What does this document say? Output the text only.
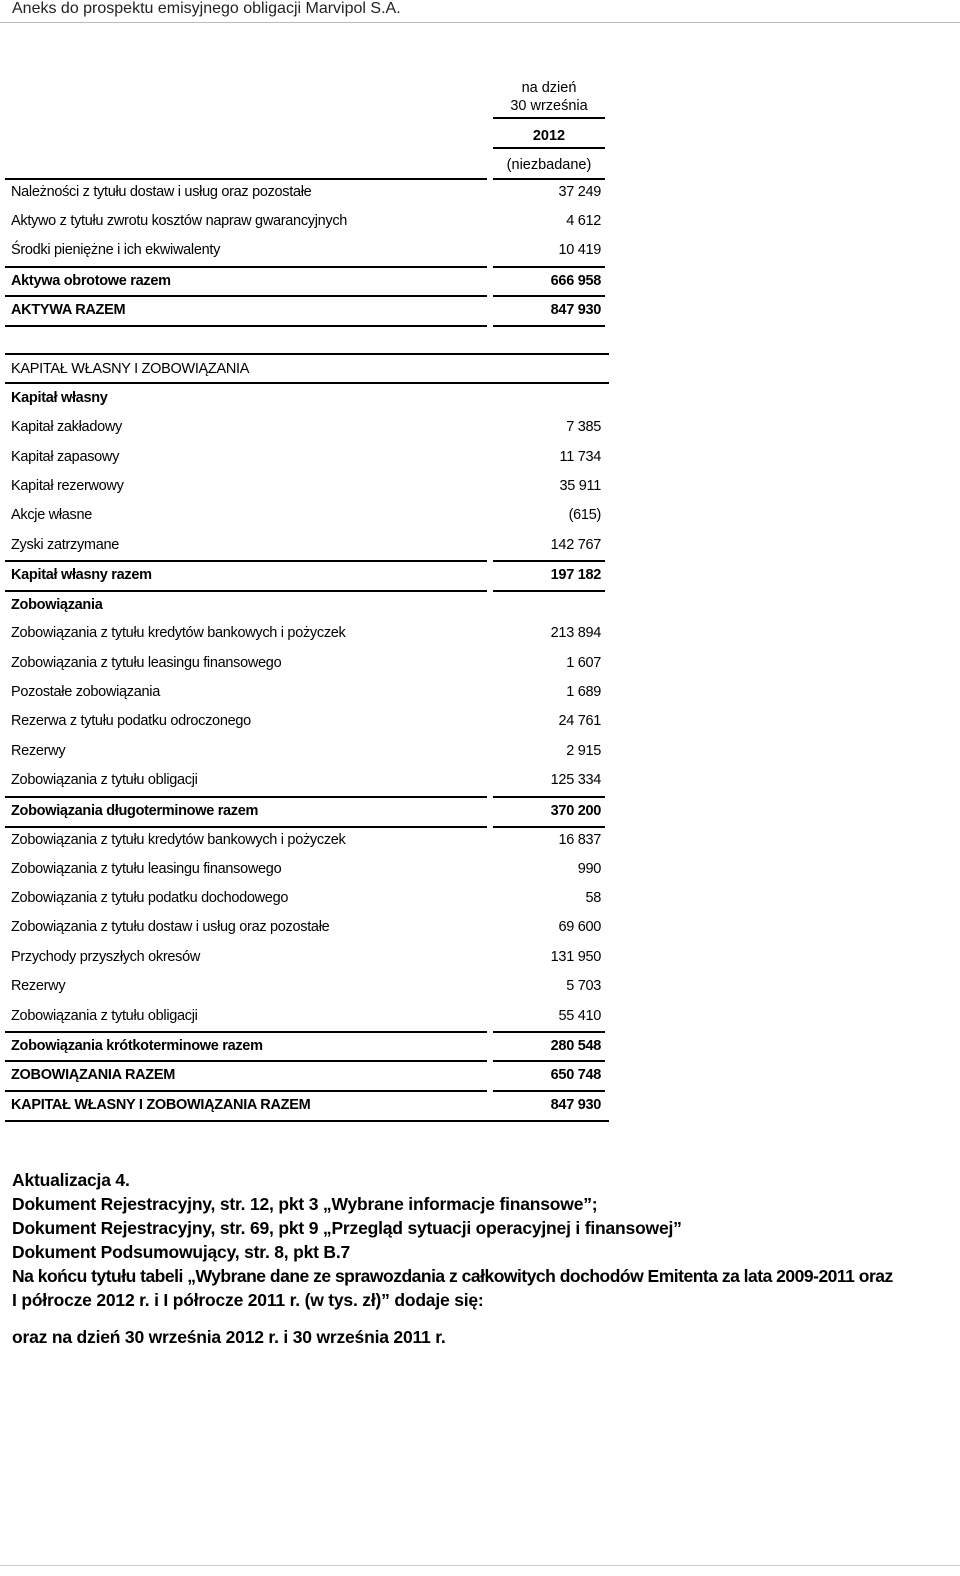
Aneks do prospektu emisyjnego obligacji Marvipol S.A.
na dzień
30 września
2012
(niezbadane)
Należności z tytułu dostaw i usług oraz pozostałe	37 249
Aktywo z tytułu zwrotu kosztów napraw gwarancyjnych	4 612
Środki pieniężne i ich ekwiwalenty	10 419
Aktywa obrotowe razem	666 958
AKTYWA RAZEM	847 930
KAPITAŁ WŁASNY I ZOBOWIĄZANIA
Kapitał własny
Kapitał zakładowy	7 385
Kapitał zapasowy	11 734
Kapitał rezerwowy	35 911
Akcje własne	(615)
Zyski zatrzymane	142 767
Kapitał własny razem	197 182
Zobowiązania
Zobowiązania z tytułu kredytów bankowych i pożyczek	213 894
Zobowiązania z tytułu leasingu finansowego	1 607
Pozostałe zobowiązania	1 689
Rezerwa z tytułu podatku odroczonego	24 761
Rezerwy	2 915
Zobowiązania z tytułu obligacji	125 334
Zobowiązania długoterminowe razem	370 200
Zobowiązania z tytułu kredytów bankowych i pożyczek	16 837
Zobowiązania z tytułu leasingu finansowego	990
Zobowiązania z tytułu podatku dochodowego	58
Zobowiązania z tytułu dostaw i usług oraz pozostałe	69 600
Przychody przyszłych okresów	131 950
Rezerwy	5 703
Zobowiązania z tytułu obligacji	55 410
Zobowiązania krótkoterminowe razem	280 548
ZOBOWIĄZANIA RAZEM	650 748
KAPITAŁ WŁASNY I ZOBOWIĄZANIA RAZEM	847 930
Aktualizacja 4.
Dokument Rejestracyjny, str. 12, pkt 3 „Wybrane informacje finansowe”;
Dokument Rejestracyjny, str. 69, pkt 9 „Przegląd sytuacji operacyjnej i finansowej”
Dokument Podsumowujący, str. 8, pkt B.7
Na końcu tytułu tabeli „Wybrane dane ze sprawozdania z całkowitych dochodów Emitenta za lata 2009-2011 oraz
I półrocze 2012 r. i I półrocze 2011 r. (w tys. zł)” dodaje się:
oraz na dzień 30 września 2012 r. i 30 września 2011 r.
